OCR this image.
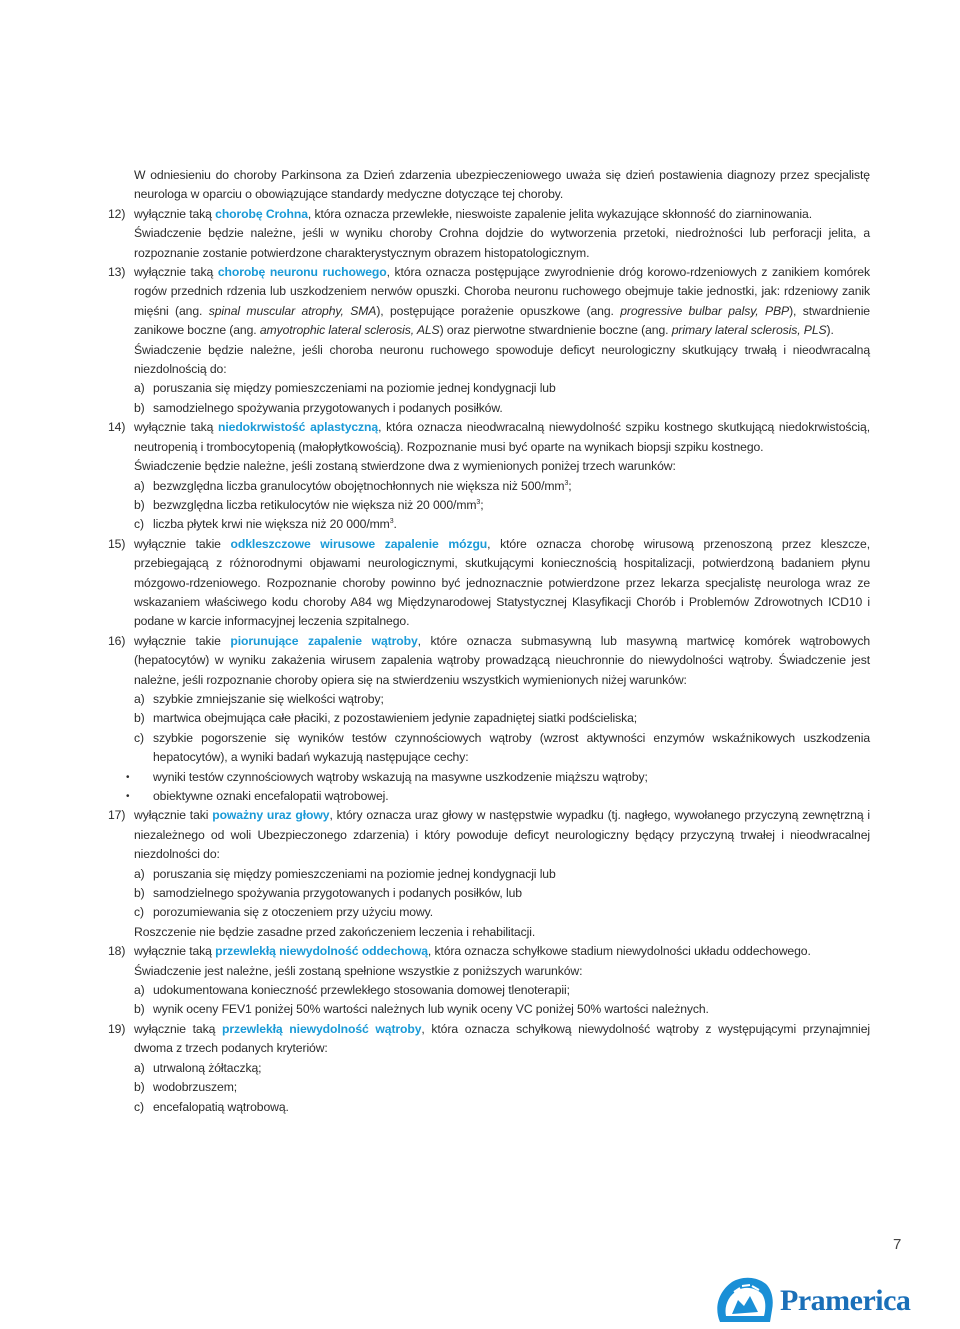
W odniesieniu do choroby Parkinsona za Dzień zdarzenia ubezpieczeniowego uważa się dzień postawienia diagnozy przez specjalistę neurologa w oparciu o obowiązujące standardy medyczne dotyczące tej choroby.

12) wyłącznie taką chorobę Crohna, która oznacza przewlekłe, nieswoiste zapalenie jelita wykazujące skłonność do ziarninowania.

Świadczenie będzie należne, jeśli w wyniku choroby Crohna dojdzie do wytworzenia przetoki, niedrożności lub perforacji jelita, a rozpoznanie zostanie potwierdzone charakterystycznym obrazem histopatologicznym.

13) wyłącznie taką chorobę neuronu ruchowego, która oznacza postępujące zwyrodnienie dróg korowo-rdzeniowych z zanikiem komórek rogów przednich rdzenia lub uszkodzeniem nerwów opuszki. Choroba neuronu ruchowego obejmuje takie jednostki, jak: rdzeniowy zanik mięśni (ang. spinal muscular atrophy, SMA), postępujące porażenie opuszkowe (ang. progressive bulbar palsy, PBP), stwardnienie zanikowe boczne (ang. amyotrophic lateral sclerosis, ALS) oraz pierwotne stwardnienie boczne (ang. primary lateral sclerosis, PLS).

Świadczenie będzie należne, jeśli choroba neuronu ruchowego spowoduje deficyt neurologiczny skutkujący trwałą i nieodwracalną niezdolnością do:

a) poruszania się między pomieszczeniami na poziomie jednej kondygnacji lub
b) samodzielnego spożywania przygotowanych i podanych posiłków.
14) wyłącznie taką niedokrwistość aplastyczną, która oznacza nieodwracalną niewydolność szpiku kostnego skutkującą niedokrwistością, neutropenią i trombocytopenią (małopłytkowością). Rozpoznanie musi być oparte na wynikach biopsji szpiku kostnego.

Świadczenie będzie należne, jeśli zostaną stwierdzone dwa z wymienionych poniżej trzech warunków:

a) bezwzględna liczba granulocytów obojętnochłonnych nie większa niż $500/mm^3$;
b) bezwzględna liczba retikulocytów nie większa niż 20 $000/mm^3$;
c) liczba płytek krwi nie większa niż 20 $000/mm^3$.
15) wyłącznie takie odkleszczowe wirusowe zapalenie mózgu, które oznacza chorobę wirusową przenoszoną przez kleszcze, przebiegającą z różnorodnymi objawami neurologicznymi, skutkującymi koniecznością hospitalizacji, potwierdzoną badaniem płynu mózgowo-rdzeniowego. Rozpoznanie choroby powinno być jednoznacznie potwierdzone przez lekarza specjalistę neurologa wraz ze wskazaniem właściwego kodu choroby A84 wg Międzynarodowej Statystycznej Klasyfikacji Chorób i Problemów Zdrowotnych ICD10 i podane w karcie informacyjnej leczenia szpitalnego.
16) wyłącznie takie piorunujące zapalenie wątroby, które oznacza submasywną lub masywną martwicę komórek wątrobowych (hepatocytów) w wyniku zakażenia wirusem zapalenia wątroby prowadzącą nieuchronnie do niewydolności wątroby. Świadczenie jest należne, jeśli rozpoznanie choroby opiera się na stwierdzeniu wszystkich wymienionych niżej warunków:
a) szybkie zmniejszanie się wielkości wątroby;
b) martwica obejmująca całe płaciki, z pozostawieniem jedynie zapadniętej siatki podścieliska;
c) szybkie pogorszenie się wyników testów czynnościowych wątroby (wzrost aktywności enzymów wskaźnikowych uszkodzenia hepatocytów), a wyniki badań wykazują następujące cechy:
• wyniki testów czynnościowych wątroby wskazują na masywne uszkodzenie miąższu wątroby;
• obiektywne oznaki encefalopatii wątrobowej.
17) wyłącznie taki poważny uraz głowy, który oznacza uraz głowy w następstwie wypadku (tj. nagłego, wywołanego przyczyną zewnętrzną i niezależnego od woli Ubezpieczonego zdarzenia) i który powoduje deficyt neurologiczny będący przyczyną trwałej i nieodwracalnej niezdolności do:
a) poruszania się między pomieszczeniami na poziomie jednej kondygnacji lub
b) samodzielnego spożywania przygotowanych i podanych posiłków, lub
c) porozumiewania się z otoczeniem przy użyciu mowy.

Roszczenie nie będzie zasadne przed zakończeniem leczenia i rehabilitacji.

18) wyłącznie taką przewlekłą niewydolność oddechową, która oznacza schyłkowe stadium niewydolności układu oddechowego.

Świadczenie jest należne, jeśli zostaną spełnione wszystkie z poniższych warunków:

a) udokumentowana konieczność przewlekłego stosowania domowej tlenoterapii;
b) wynik oceny FEV1 poniżej 50% wartości należnych lub wynik oceny VC poniżej 50% wartości należnych.
19) wyłącznie taką przewlekłą niewydolność wątroby, która oznacza schyłkową niewydolność wątroby z występującymi przynajmniej dwoma z trzech podanych kryteriów:
a) utrwaloną żółtaczką;
b) wodobrzuszem;
c) encefalopatią wątrobową.
7
Pramerica
